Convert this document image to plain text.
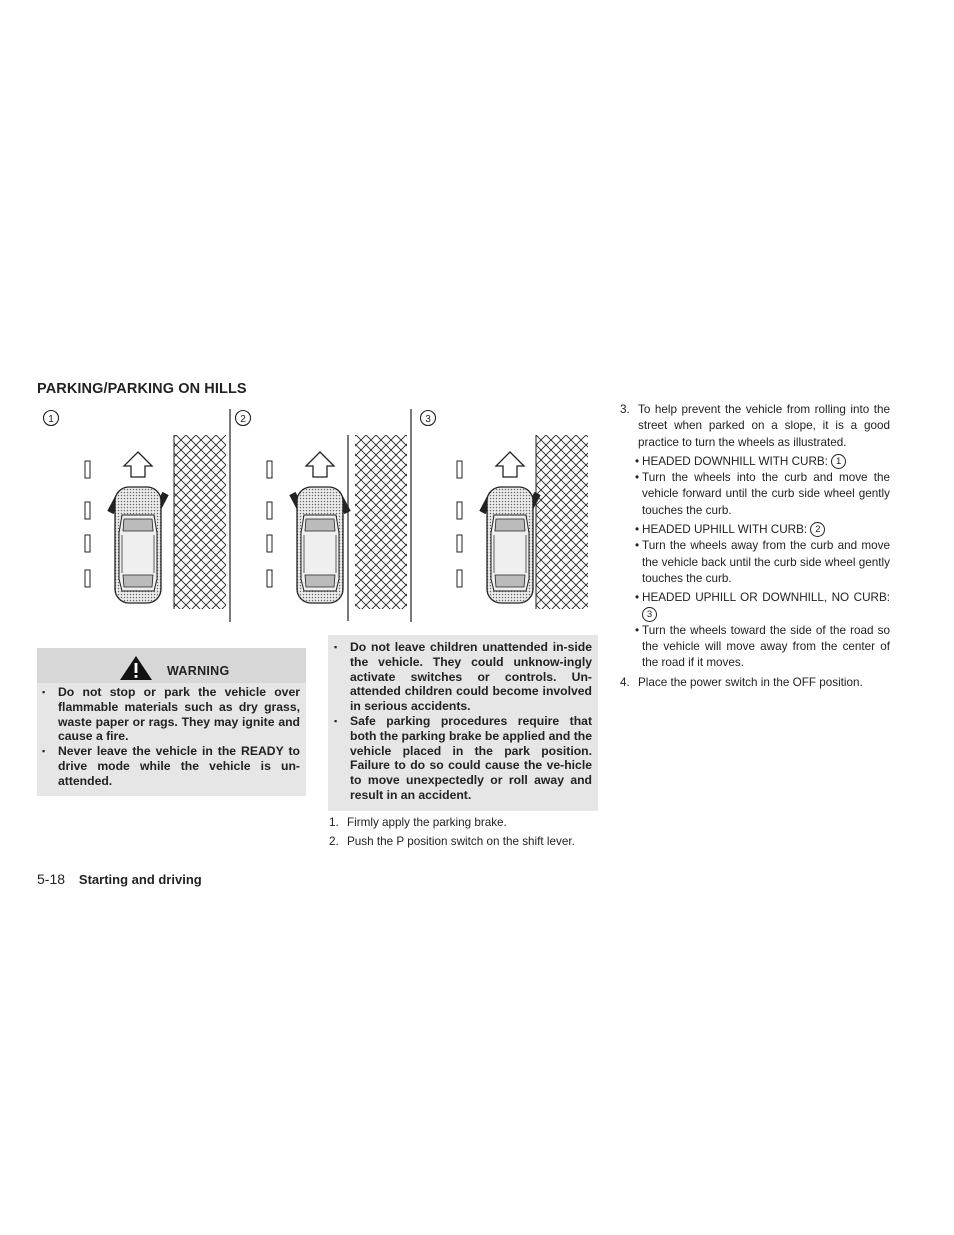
PARKING/PARKING ON HILLS
1	2	3
WARNING
▪ Do not stop or park the vehicle over flammable materials such as dry grass, waste paper or rags. They may ignite and cause a fire.
▪ Never leave the vehicle in the READY to drive mode while the vehicle is un-attended.
▪ Do not leave children unattended in-side the vehicle. They could unknow-ingly activate switches or controls. Un-attended children could become involved in serious accidents.
▪ Safe parking procedures require that both the parking brake be applied and the vehicle placed in the park position. Failure to do so could cause the ve-hicle to move unexpectedly or roll away and result in an accident.
1. Firmly apply the parking brake.
2. Push the P position switch on the shift lever.
3. To help prevent the vehicle from rolling into the street when parked on a slope, it is a good practice to turn the wheels as illustrated.
• HEADED DOWNHILL WITH CURB: 1
• Turn the wheels into the curb and move the vehicle forward until the curb side wheel gently touches the curb.
• HEADED UPHILL WITH CURB: 2
• Turn the wheels away from the curb and move the vehicle back until the curb side wheel gently touches the curb.
• HEADED UPHILL OR DOWNHILL, NO CURB: 3
• Turn the wheels toward the side of the road so the vehicle will move away from the center of the road if it moves.
4. Place the power switch in the OFF position.
5-18 Starting and driving
